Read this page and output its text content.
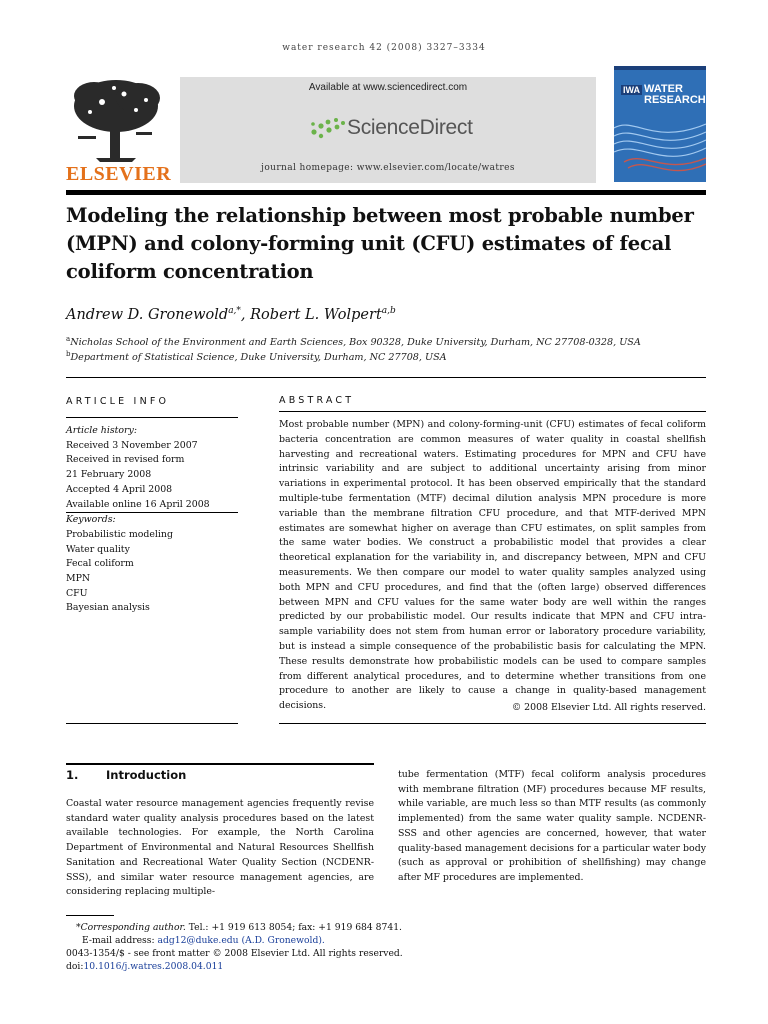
water research 42 (2008) 3327–3334
ELSEVIER
Available at www.sciencedirect.com
ScienceDirect
journal homepage: www.elsevier.com/locate/watres
IWA WATER RESEARCH
Modeling the relationship between most probable number (MPN) and colony-forming unit (CFU) estimates of fecal coliform concentration
Andrew D. Gronewold$^{a,*}$, Robert L. Wolpert$^{a,b}$
$^a$Nicholas School of the Environment and Earth Sciences, Box 90328, Duke University, Durham, NC 27708-0328, USA
$^b$Department of Statistical Science, Duke University, Durham, NC 27708, USA
ARTICLE INFO
Article history:
Received 3 November 2007
Received in revised form
21 February 2008
Accepted 4 April 2008
Available online 16 April 2008
Keywords:
Probabilistic modeling
Water quality
Fecal coliform
MPN
CFU
Bayesian analysis
ABSTRACT
Most probable number (MPN) and colony-forming-unit (CFU) estimates of fecal coliform bacteria concentration are common measures of water quality in coastal shellfish harvesting and recreational waters. Estimating procedures for MPN and CFU have intrinsic variability and are subject to additional uncertainty arising from minor variations in experimental protocol. It has been observed empirically that the standard multiple-tube fermentation (MTF) decimal dilution analysis MPN procedure is more variable than the membrane filtration CFU procedure, and that MTF-derived MPN estimates are somewhat higher on average than CFU estimates, on split samples from the same water bodies. We construct a probabilistic model that provides a clear theoretical explanation for the variability in, and discrepancy between, MPN and CFU measurements. We then compare our model to water quality samples analyzed using both MPN and CFU procedures, and find that the (often large) observed differences between MPN and CFU values for the same water body are well within the ranges predicted by our probabilistic model. Our results indicate that MPN and CFU intra-sample variability does not stem from human error or laboratory procedure variability, but is instead a simple consequence of the probabilistic basis for calculating the MPN. These results demonstrate how probabilistic models can be used to compare samples from different analytical procedures, and to determine whether transitions from one procedure to another are likely to cause a change in quality-based management decisions.	© 2008 Elsevier Ltd. All rights reserved.
1. Introduction
Coastal water resource management agencies frequently revise standard water quality analysis procedures based on the latest available technologies. For example, the North Carolina Department of Environmental and Natural Resources Shellfish Sanitation and Recreational Water Quality Section (NCDENR-SSS), and similar water resource management agencies, are considering replacing multiple-
tube fermentation (MTF) fecal coliform analysis procedures with membrane filtration (MF) procedures because MF results, while variable, are much less so than MTF results (as commonly implemented) from the same water quality sample. NCDENR-SSS and other agencies are concerned, however, that water quality-based management decisions for a particular water body (such as approval or prohibition of shellfishing) may change after MF procedures are implemented.
*Corresponding author. Tel.: +1 919 613 8054; fax: +1 919 684 8741.
E-mail address: adg12@duke.edu (A.D. Gronewold).
0043-1354/$ - see front matter © 2008 Elsevier Ltd. All rights reserved.
doi:10.1016/j.watres.2008.04.011
